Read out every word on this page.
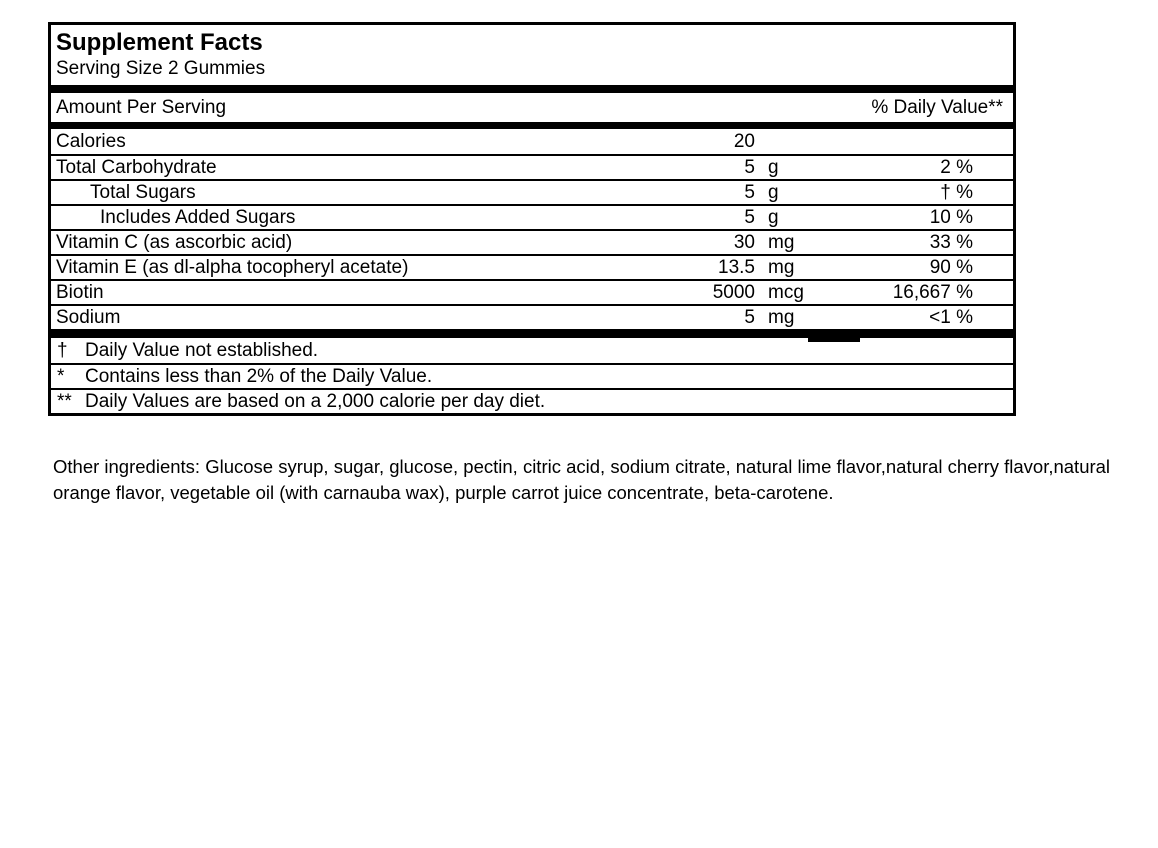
Supplement Facts
Serving Size 2 Gummies
Amount Per Serving	% Daily Value**
Calories	20
Total Carbohydrate	5 g	2 %
Total Sugars	5 g	† %
Includes Added Sugars	5 g	10 %
Vitamin C (as ascorbic acid)	30 mg	33 %
Vitamin E (as dl-alpha tocopheryl acetate)	13.5 mg	90 %
Biotin	5000 mcg	16,667 %
Sodium	5 mg	<1 %
† Daily Value not established.
*	Contains less than 2% of the Daily Value.
** Daily Values are based on a 2,000 calorie per day diet.

Other ingredients: Glucose syrup, sugar, glucose, pectin, citric acid, sodium citrate, natural lime flavor,natural cherry flavor,natural orange flavor, vegetable oil (with carnauba wax), purple carrot juice concentrate, beta-carotene.
